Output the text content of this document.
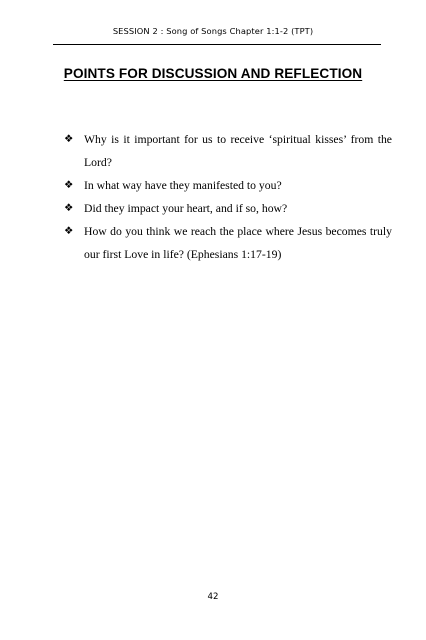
SESSION 2 : Song of Songs Chapter 1:1-2 (TPT)
POINTS FOR DISCUSSION AND REFLECTION
❖ Why is it important for us to receive ‘spiritual kisses’ from the Lord?
❖ In what way have they manifested to you?
❖ Did they impact your heart, and if so, how?
❖ How do you think we reach the place where Jesus becomes truly our first Love in life? (Ephesians 1:17-19)
42
